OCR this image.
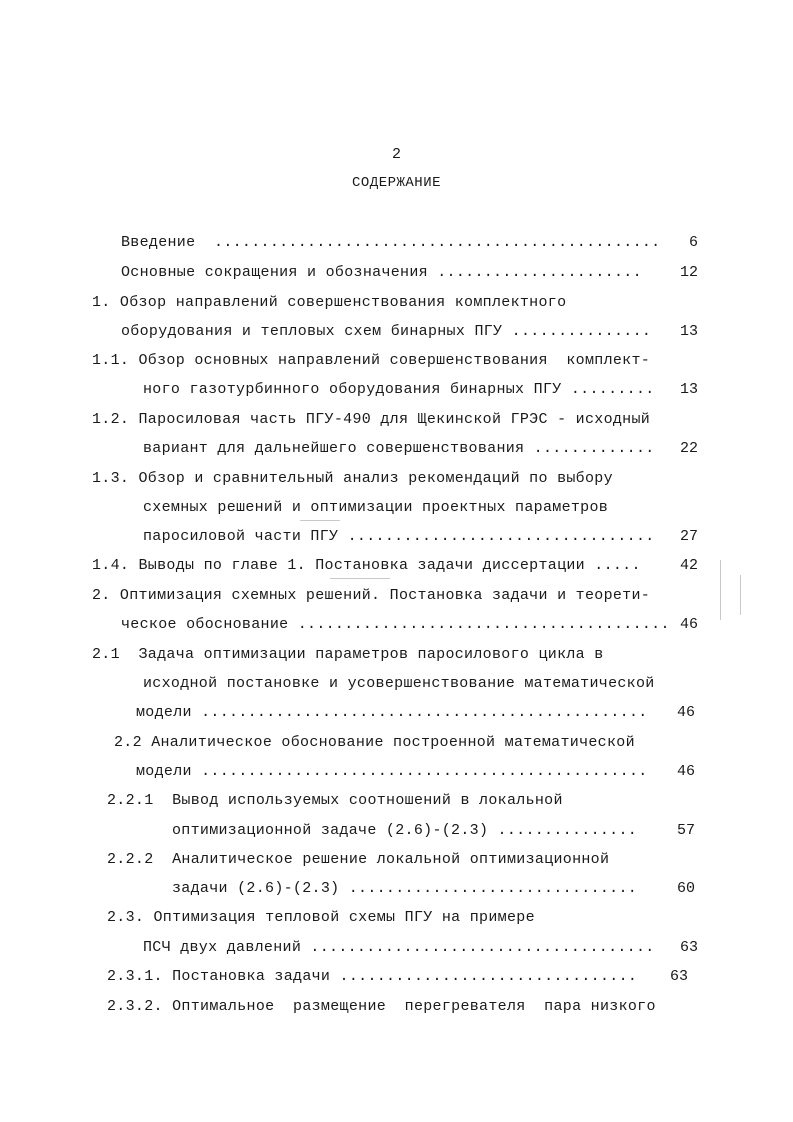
2
СОДЕРЖАНИЕ
Введение  ................................................ 6
Основные сокращения и обозначения ......................	12
1. Обзор направлений совершенствования комплектного
оборудования и тепловых схем бинарных ПГУ ............... 13
1.1. Обзор основных направлений совершенствования  комплект-
ного газотурбинного оборудования бинарных ПГУ ......... 13
1.2. Паросиловая часть ПГУ-490 для Щекинской ГРЭС - исходный
вариант для дальнейшего совершенствования ............. 22
1.3. Обзор и сравнительный анализ рекомендаций по выбору
схемных решений и оптимизации проектных параметров
паросиловой части ПГУ ................................. 27
1.4. Выводы по главе 1. Постановка задачи диссертации .....	42
2. Оптимизация схемных решений. Постановка задачи и теорети-
ческое обоснование ........................................ 46
2.1  Задача оптимизации параметров паросилового цикла в
исходной постановке и усовершенствование математической
модели ................................................ 46
2.2 Аналитическое обоснование построенной математической
модели ................................................ 46
2.2.1  Вывод используемых соотношений в локальной
оптимизационной задаче (2.6)-(2.3) ...............	57
2.2.2  Аналитическое решение локальной оптимизационной
задачи (2.6)-(2.3) ...............................	60
2.3. Оптимизация тепловой схемы ПГУ на примере
ПСЧ двух давлений ..................................... 63
2.3.1. Постановка задачи ................................ 63
2.3.2. Оптимальное  размещение  перегревателя  пара низкого
